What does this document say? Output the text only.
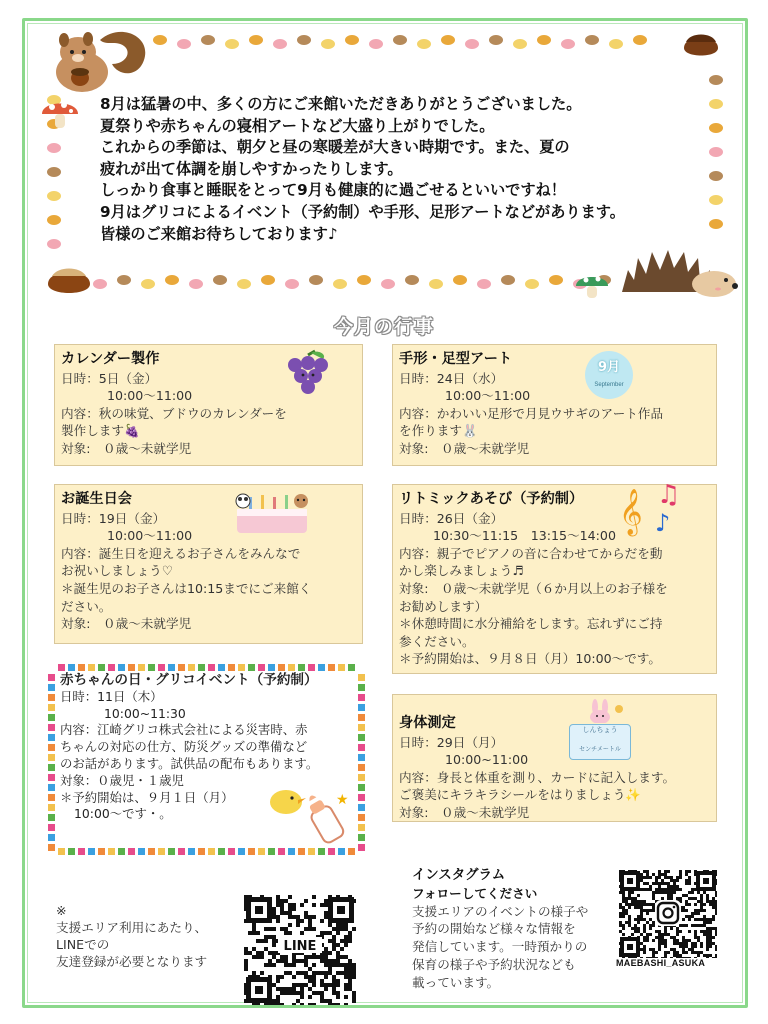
8月は猛暑の中、多くの方にご来館いただきありがとうございました。

夏祭りや赤ちゃんの寝相アートなど大盛り上がりでした。

これからの季節は、朝夕と昼の寒暖差が大きい時期です。また、夏の

疲れが出て体調を崩しやすかったりします。

しっかり食事と睡眠をとって9月も健康的に過ごせるといいですね！

9月はグリコによるイベント（予約制）や手形、足形アートなどがあります。

皆様のご来館お待ちしております♪

今月の行事
カレンダー製作
日時：5日（金）
10:00～11:00
内容：秋の味覚、ブドウのカレンダーを
製作します🍇
対象:　０歳～未就学児
手形・足型アート
日時：24日（水）
10:00～11:00
内容：かわいい足形で月見ウサギのアート作品
を作ります🐰
対象:　０歳～未就学児
9月
September
お誕生日会
日時：19日（金）
10:00～11:00
内容：誕生日を迎えるお子さんをみんなで
お祝いしましょう♡
＊誕生児のお子さんは10:15までにご来館く
ださい。
対象:　０歳～未就学児
リトミックあそび（予約制）
日時：26日（金）
10:30～11:15　13:15～14:00
内容：親子でピアノの音に合わせてからだを動
かし楽しみましょう♬
対象:　０歳～未就学児（６か月以上のお子様を
お勧めします）
＊休憩時間に水分補給をします。忘れずにご持
参ください。
＊予約開始は、９月８日（月）10:00～です。
𝄞 ♫
♪
赤ちゃんの日・グリコイベント（予約制）
日時：11日（木）
10:00~11:30
内容：江崎グリコ株式会社による災害時、赤
ちゃんの対応の仕方、防災グッズの準備など
のお話があります。試供品の配布もあります。
対象：０歳児・１歳児
＊予約開始は、９月１日（月）
10:00～です・。
★
身体測定
日時：29日（月）
10:00~11:00
内容：身長と体重を測り、カードに記入します。
ご褒美にキラキラシールをはりましょう✨
対象:　０歳～未就学児
しんちょう
センチメートル
※
支援エリア利用にあたり、
LINEでの
友達登録が必要となります
LINE
インスタグラム
フォローしてください
支援エリアのイベントの様子や
予約の開始など様々な情報を
発信しています。一時預かりの
保育の様子や予約状況なども
載っています。
MAEBASHI_ASUKA
